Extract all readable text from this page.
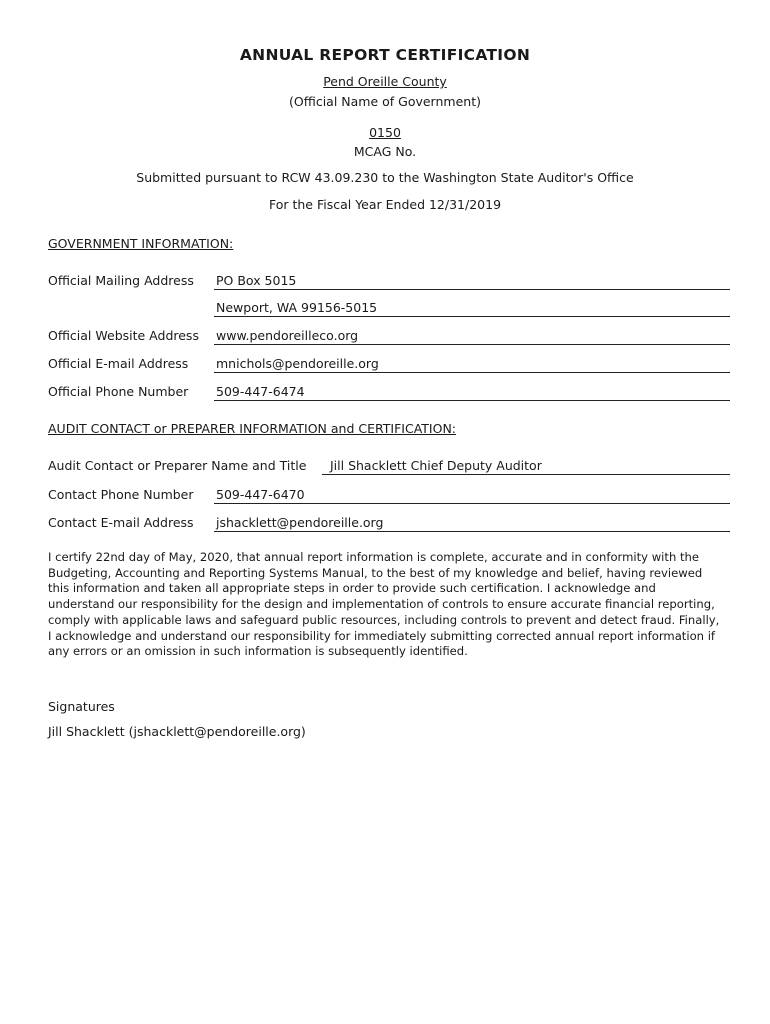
ANNUAL REPORT CERTIFICATION
Pend Oreille County
(Official Name of Government)
0150
MCAG No.
Submitted pursuant to RCW 43.09.230 to the Washington State Auditor's Office
For the Fiscal Year Ended 12/31/2019
GOVERNMENT INFORMATION:
Official Mailing Address PO Box 5015
Newport, WA 99156-5015
Official Website Address www.pendoreilleco.org
Official E-mail Address mnichols@pendoreille.org
Official Phone Number 509-447-6474
AUDIT CONTACT or PREPARER INFORMATION and CERTIFICATION:
Audit Contact or Preparer Name and Title Jill Shacklett Chief Deputy Auditor
Contact Phone Number 509-447-6470
Contact E-mail Address jshacklett@pendoreille.org
I certify 22nd day of May, 2020, that annual report information is complete, accurate and in conformity with the Budgeting, Accounting and Reporting Systems Manual, to the best of my knowledge and belief, having reviewed this information and taken all appropriate steps in order to provide such certification. I acknowledge and understand our responsibility for the design and implementation of controls to ensure accurate financial reporting, comply with applicable laws and safeguard public resources, including controls to prevent and detect fraud. Finally, I acknowledge and understand our responsibility for immediately submitting corrected annual report information if any errors or an omission in such information is subsequently identified.
Signatures
Jill Shacklett (jshacklett@pendoreille.org)
